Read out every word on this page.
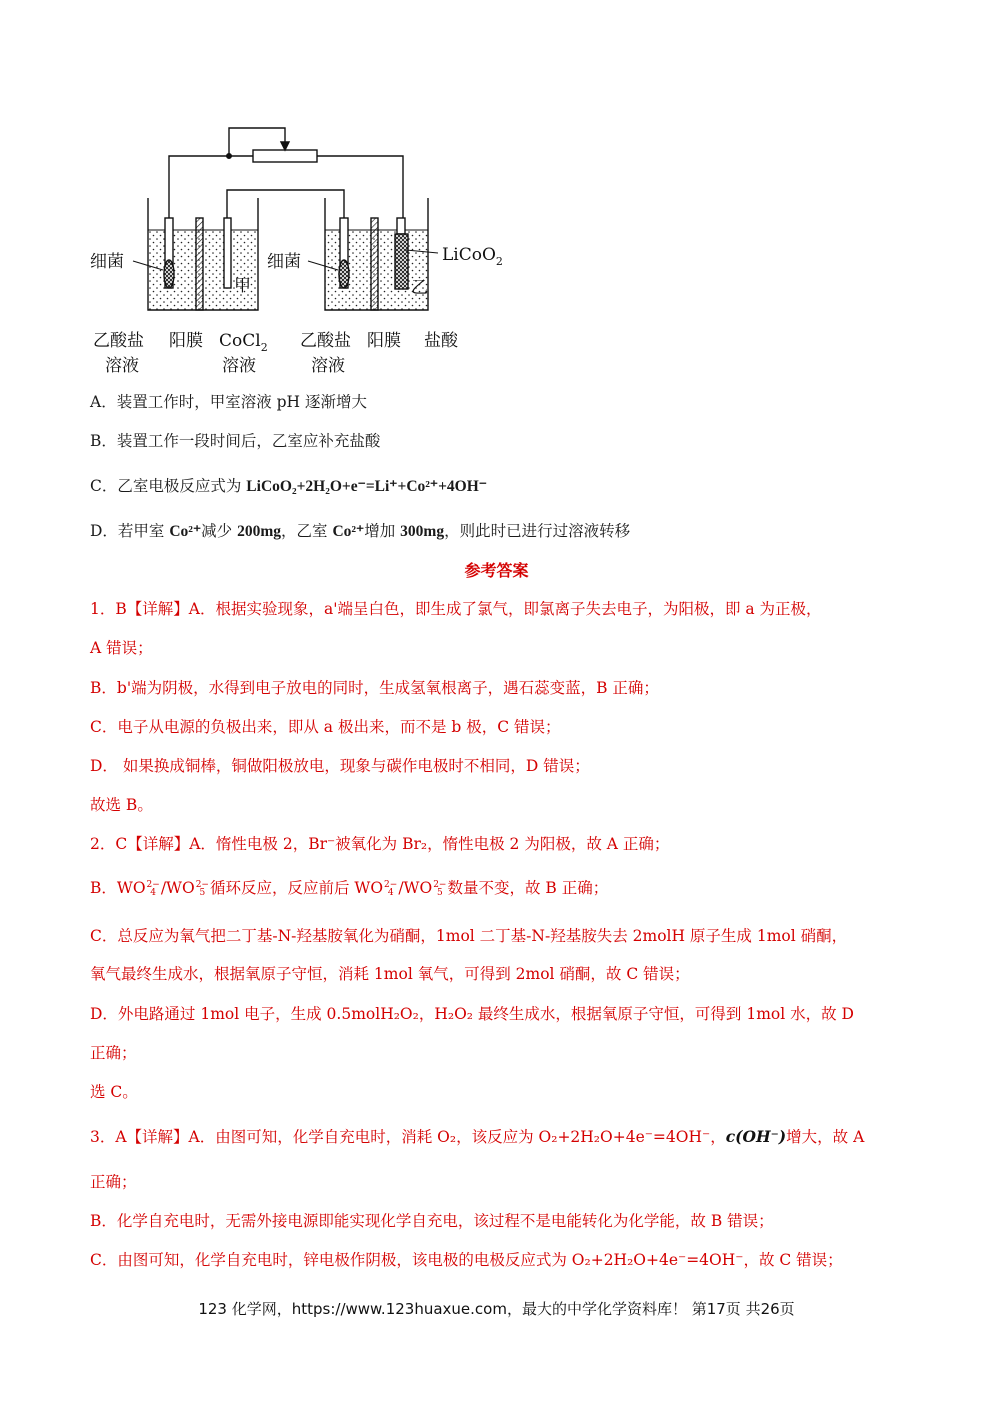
细菌	细菌	LiCoO$_2$
甲	乙
乙酸盐
溶液
阳膜 CoCl$_2$
溶液
乙酸盐
溶液
阳膜 盐酸
A．装置工作时，甲室溶液 pH 逐渐增大
B．装置工作一段时间后，乙室应补充盐酸
C．乙室电极反应式为 LiCoO₂+2H₂O+e⁻=Li⁺+Co²⁺+4OH⁻
D．若甲室 Co²⁺减少 200mg，乙室 Co²⁺增加 300mg，则此时已进行过溶液转移
参考答案
1．B【详解】A．根据实验现象，a'端呈白色，即生成了氯气，即氯离子失去电子，为阳极，即 a 为正极，
A 错误；
B．b'端为阴极，水得到电子放电的同时，生成氢氧根离子，遇石蕊变蓝，B 正确；
C．电子从电源的负极出来，即从 a 极出来，而不是 b 极，C 错误；
D． 如果换成铜棒，铜做阳极放电，现象与碳作电极时不相同，D 错误；
故选 B。
2．C【详解】A．惰性电极 2，Br⁻被氧化为 Br₂，惰性电极 2 为阳极，故 A 正确；
B．WO2−
4 /WO2−
5 循环反应，反应前后 WO2−
4 /WO2−
5 数量不变，故 B 正确；
C．总反应为氧气把二丁基-N-羟基胺氧化为硝酮，1mol 二丁基-N-羟基胺失去 2molH 原子生成 1mol 硝酮，
氧气最终生成水，根据氧原子守恒，消耗 1mol 氧气，可得到 2mol 硝酮，故 C 错误；
D．外电路通过 1mol 电子，生成 0.5molH₂O₂，H₂O₂ 最终生成水，根据氧原子守恒，可得到 1mol 水，故 D
正确；
选 C。
3．A【详解】A．由图可知，化学自充电时，消耗 O₂，该反应为 O₂+2H₂O+4e⁻=4OH⁻，c(OH⁻)增大，故 A
正确；
B．化学自充电时，无需外接电源即能实现化学自充电，该过程不是电能转化为化学能，故 B 错误；
C．由图可知，化学自充电时，锌电极作阴极，该电极的电极反应式为 O₂+2H₂O+4e⁻=4OH⁻，故 C 错误；
123 化学网，https://www.123huaxue.com，最大的中学化学资料库！ 第17页 共26页
